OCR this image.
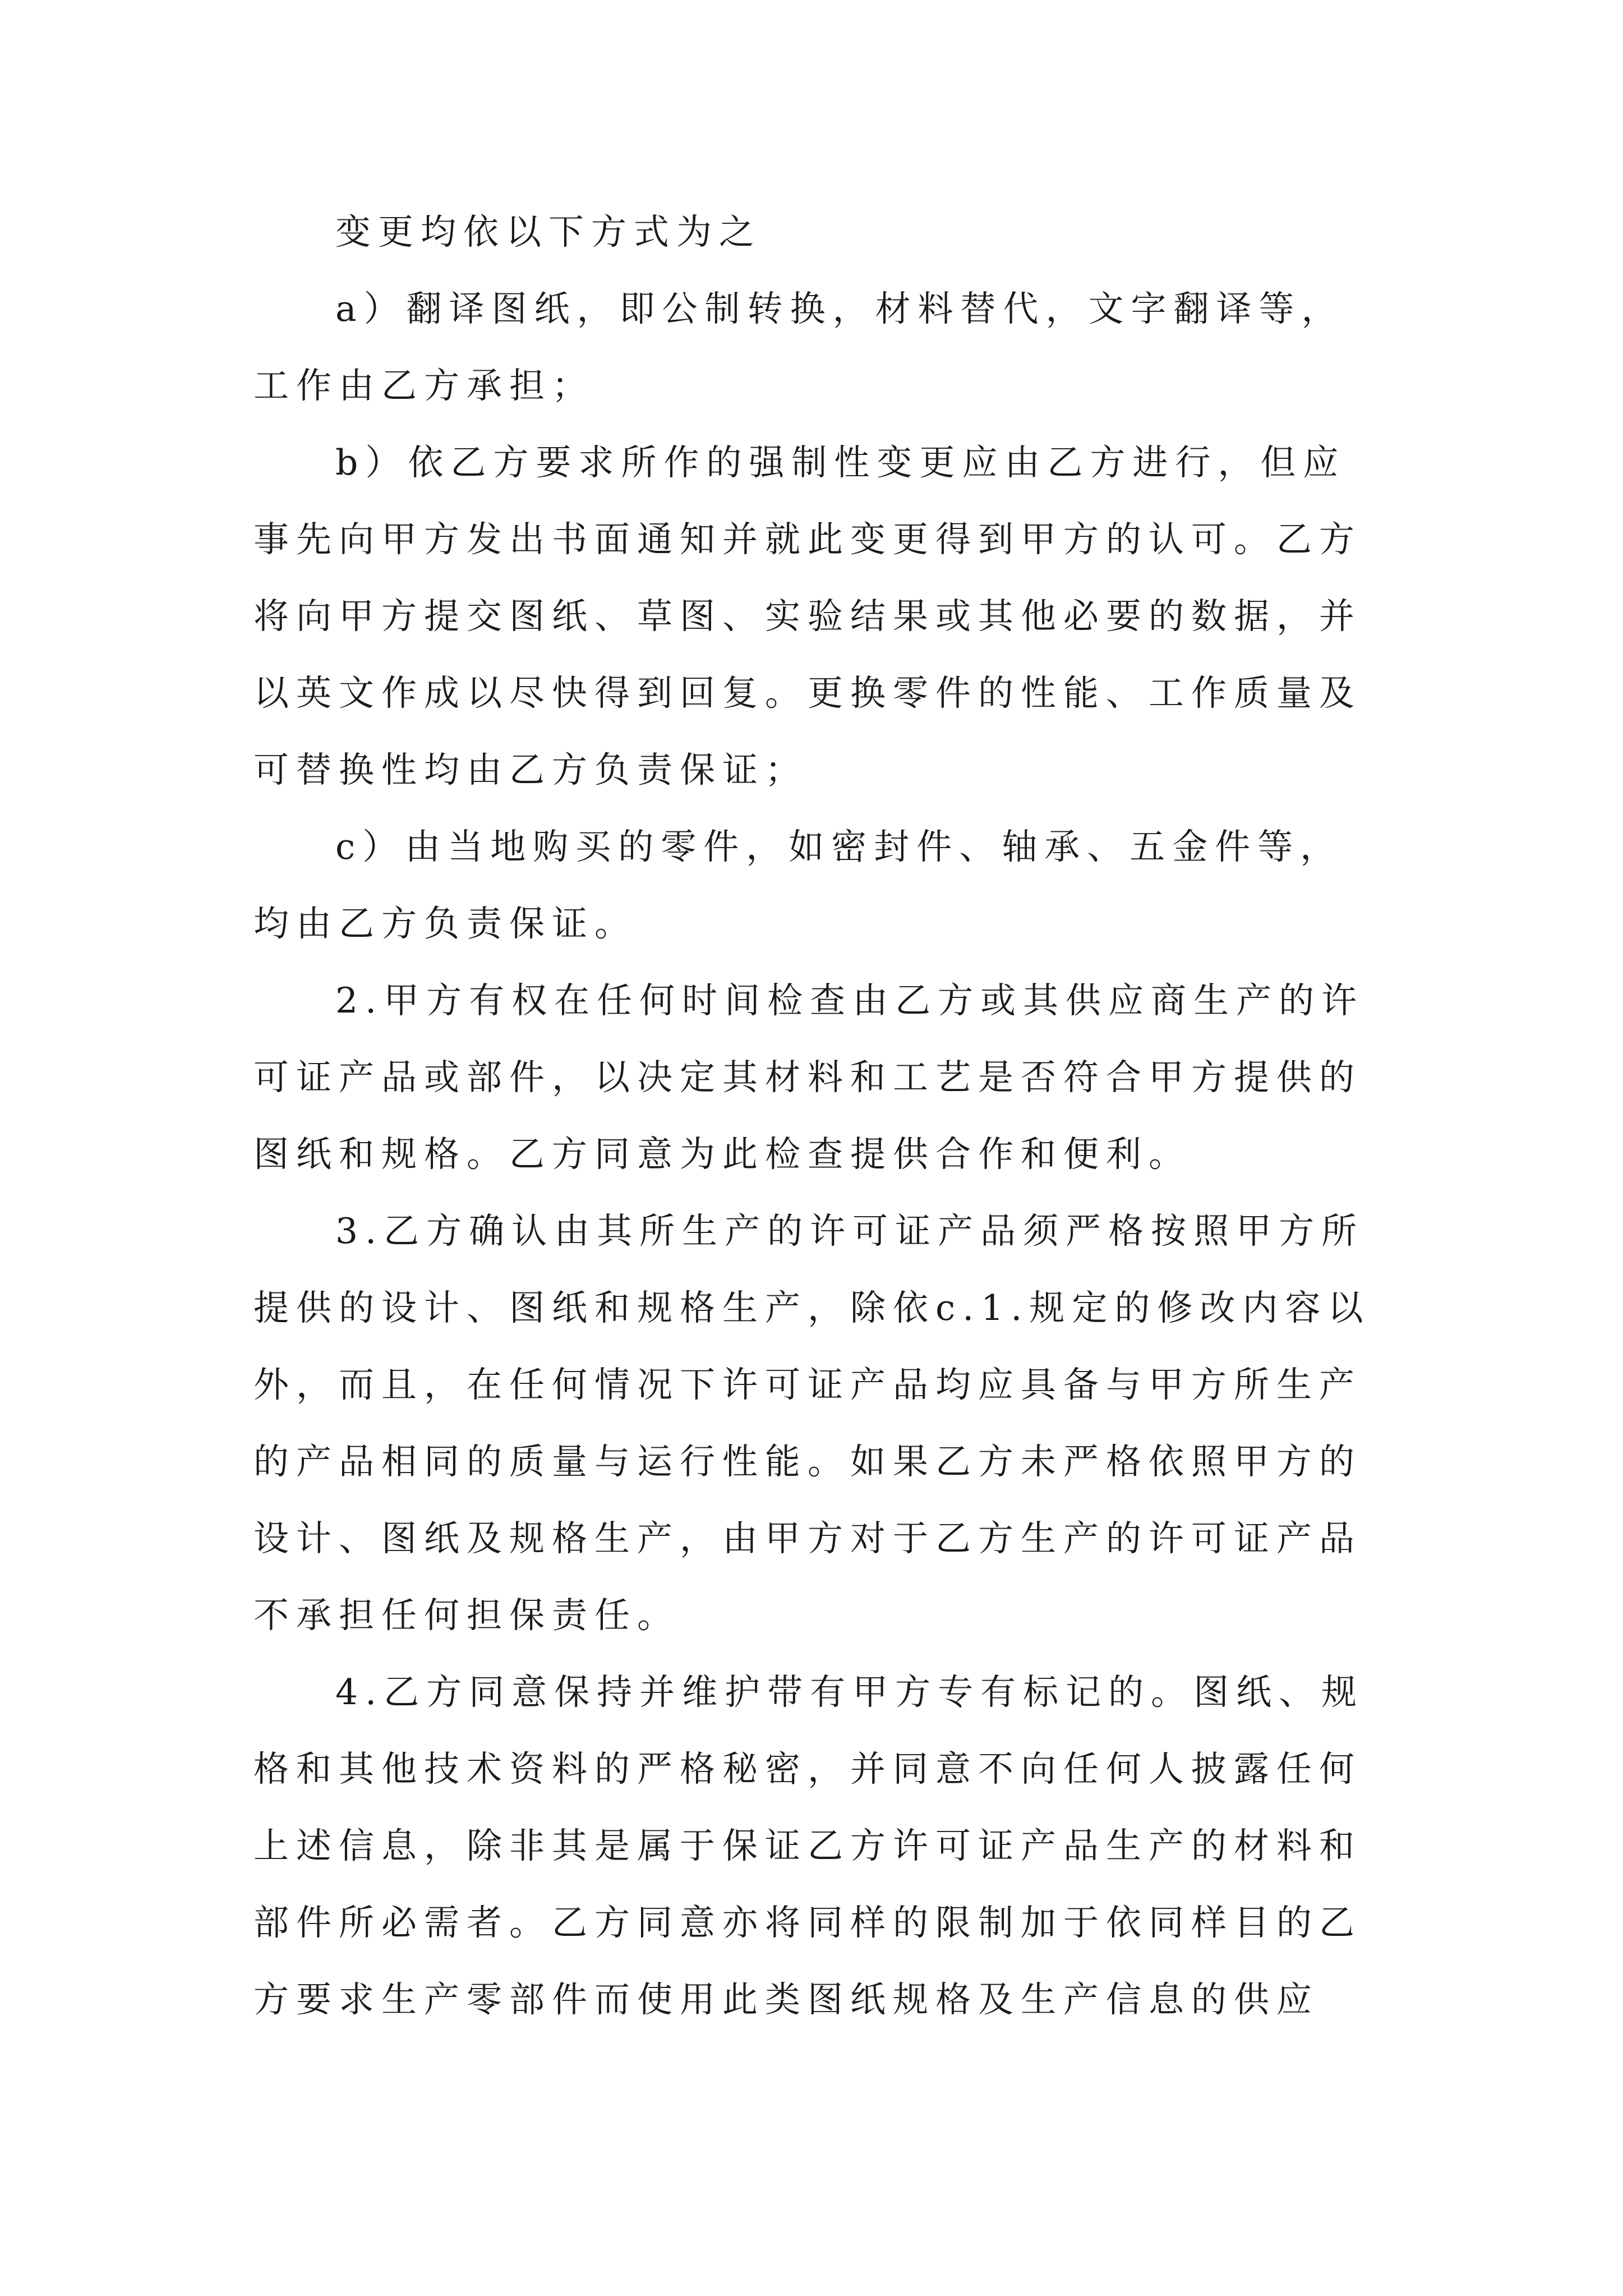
变更均依以下方式为之

a）翻译图纸，即公制转换，材料替代，文字翻译等，工作由乙方承担；

b）依乙方要求所作的强制性变更应由乙方进行，但应事先向甲方发出书面通知并就此变更得到甲方的认可。乙方将向甲方提交图纸、草图、实验结果或其他必要的数据，并以英文作成以尽快得到回复。更换零件的性能、工作质量及可替换性均由乙方负责保证；

c）由当地购买的零件，如密封件、轴承、五金件等，均由乙方负责保证。

2.甲方有权在任何时间检查由乙方或其供应商生产的许可证产品或部件，以决定其材料和工艺是否符合甲方提供的图纸和规格。乙方同意为此检查提供合作和便利。

3.乙方确认由其所生产的许可证产品须严格按照甲方所提供的设计、图纸和规格生产，除依c.1.规定的修改内容以外，而且，在任何情况下许可证产品均应具备与甲方所生产的产品相同的质量与运行性能。如果乙方未严格依照甲方的设计、图纸及规格生产，由甲方对于乙方生产的许可证产品不承担任何担保责任。

4.乙方同意保持并维护带有甲方专有标记的。图纸、规格和其他技术资料的严格秘密，并同意不向任何人披露任何上述信息，除非其是属于保证乙方许可证产品生产的材料和部件所必需者。乙方同意亦将同样的限制加于依同样目的乙方要求生产零部件而使用此类图纸规格及生产信息的供应
